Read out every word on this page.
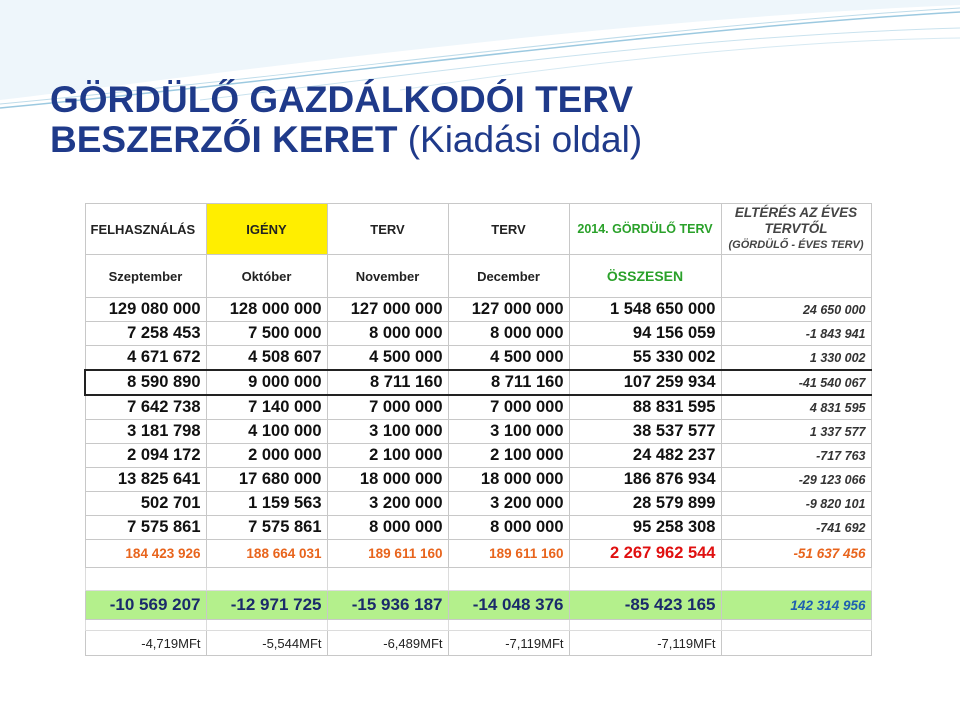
GÖRDÜLŐ GAZDÁLKODÓI TERV
BESZERZŐI KERET (Kiadási oldal)
FELHASZNÁLÁS	IGÉNY	TERV	TERV	2014. GÖRDÜLŐ TERV	ELTÉRÉS AZ ÉVES TERVTŐL
(GÖRDÜLŐ - ÉVES TERV)

Szeptember	Október	November	December	ÖSSZESEN	
129 080 000	128 000 000	127 000 000	127 000 000	1 548 650 000	24 650 000
7 258 453	7 500 000	8 000 000	8 000 000	94 156 059	-1 843 941
4 671 672	4 508 607	4 500 000	4 500 000	55 330 002	1 330 002
8 590 890	9 000 000	8 711 160	8 711 160	107 259 934	-41 540 067
7 642 738	7 140 000	7 000 000	7 000 000	88 831 595	4 831 595
3 181 798	4 100 000	3 100 000	3 100 000	38 537 577	1 337 577
2 094 172	2 000 000	2 100 000	2 100 000	24 482 237	-717 763
13 825 641	17 680 000	18 000 000	18 000 000	186 876 934	-29 123 066
502 701	1 159 563	3 200 000	3 200 000	28 579 899	-9 820 101
7 575 861	7 575 861	8 000 000	8 000 000	95 258 308	-741 692
184 423 926	188 664 031	189 611 160	189 611 160	2 267 962 544	-51 637 456

-10 569 207	-12 971 725	-15 936 187	-14 048 376	-85 423 165	142 314 956

-4,719MFt	-5,544MFt	-6,489MFt	-7,119MFt	-7,119MFt	
